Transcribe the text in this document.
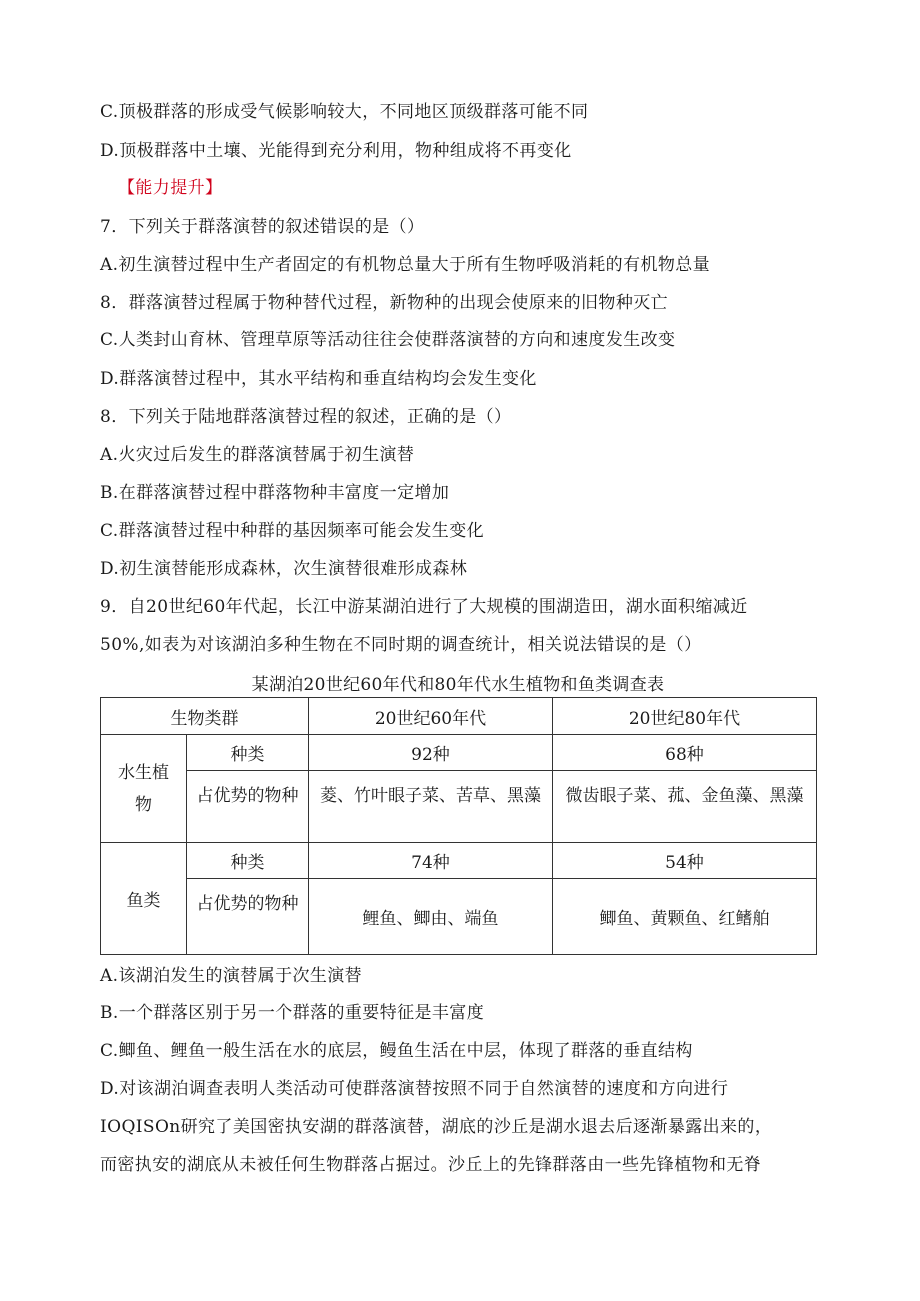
C.顶极群落的形成受气候影响较大，不同地区顶级群落可能不同
D.顶极群落中土壤、光能得到充分利用，物种组成将不再变化
【能力提升】
7．下列关于群落演替的叙述错误的是（）
A.初生演替过程中生产者固定的有机物总量大于所有生物呼吸消耗的有机物总量
8．群落演替过程属于物种替代过程，新物种的出现会使原来的旧物种灭亡
C.人类封山育林、管理草原等活动往往会使群落演替的方向和速度发生改变
D.群落演替过程中，其水平结构和垂直结构均会发生变化
8．下列关于陆地群落演替过程的叙述，正确的是（）
A.火灾过后发生的群落演替属于初生演替
B.在群落演替过程中群落物种丰富度一定增加
C.群落演替过程中种群的基因频率可能会发生变化
D.初生演替能形成森林，次生演替很难形成森林
9．自20世纪60年代起，长江中游某湖泊进行了大规模的围湖造田，湖水面积缩减近
50%,如表为对该湖泊多种生物在不同时期的调查统计，相关说法错误的是（）
某湖泊20世纪60年代和80年代水生植物和鱼类调查表
生物类群		20世纪60年代	20世纪80年代
水生植物	种类	92种	68种
	占优势的物种	菱、竹叶眼子菜、苦草、黑藻	微齿眼子菜、菰、金鱼藻、黑藻
鱼类	种类	74种	54种
	占优势的物种	鲤鱼、鲫由、端鱼	鲫鱼、黄颗鱼、红鳍舶
A.该湖泊发生的演替属于次生演替
B.一个群落区别于另一个群落的重要特征是丰富度
C.鲫鱼、鲤鱼一般生活在水的底层，鳗鱼生活在中层，体现了群落的垂直结构
D.对该湖泊调查表明人类活动可使群落演替按照不同于自然演替的速度和方向进行
IOQISOn研究了美国密执安湖的群落演替，湖底的沙丘是湖水退去后逐渐暴露出来的，
而密执安的湖底从未被任何生物群落占据过。沙丘上的先锋群落由一些先锋植物和无脊
